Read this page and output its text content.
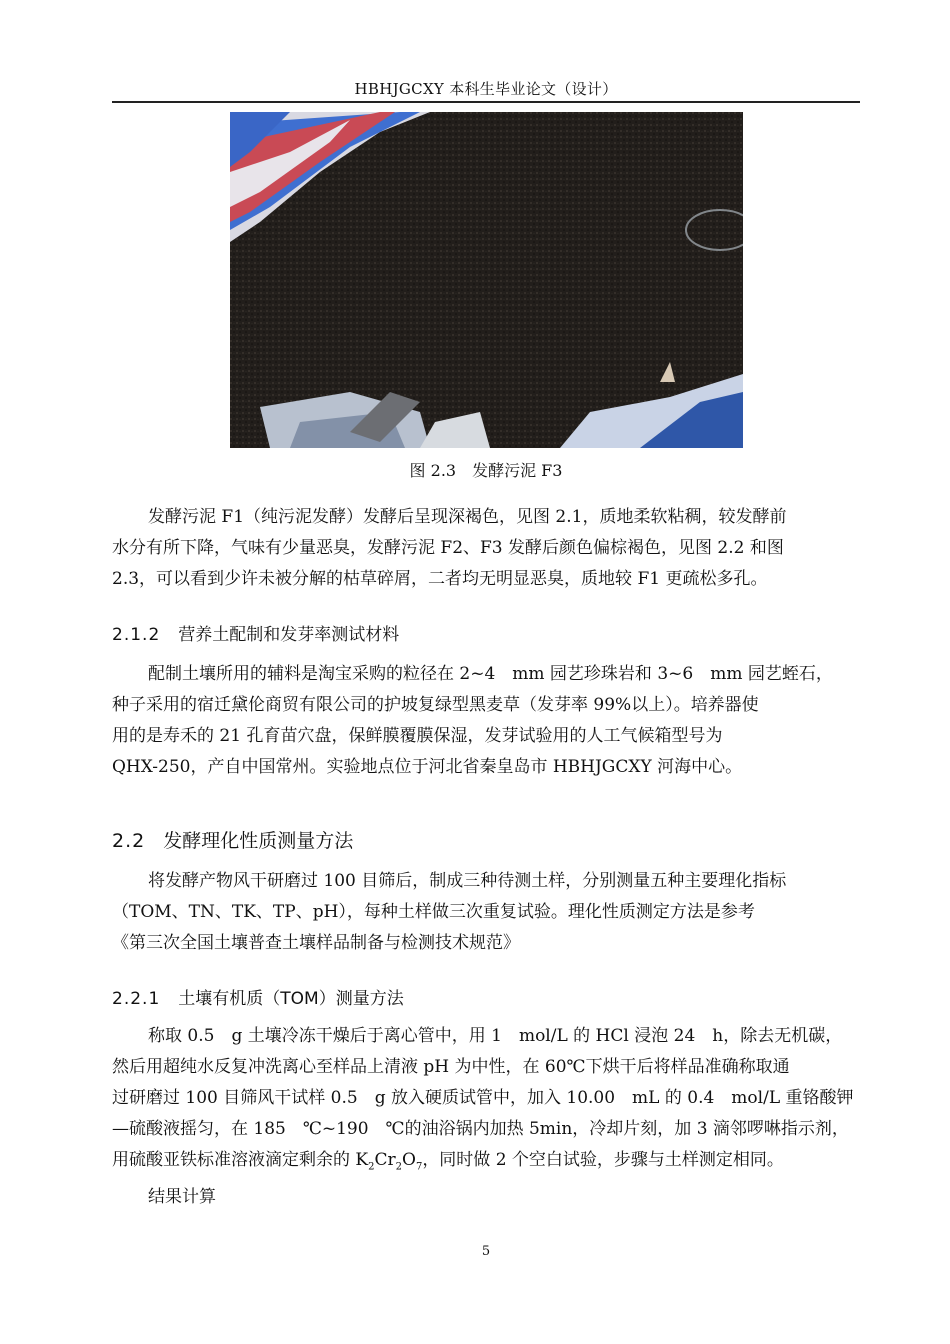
HBHJGCXY 本科生毕业论文（设计）
图 2.3　发酵污泥 F3

发酵污泥 F1（纯污泥发酵）发酵后呈现深褐色，见图 2.1，质地柔软粘稠，较发酵前
水分有所下降，气味有少量恶臭，发酵污泥 F2、F3 发酵后颜色偏棕褐色，见图 2.2 和图
2.3，可以看到少许未被分解的枯草碎屑，二者均无明显恶臭，质地较 F1 更疏松多孔。

2.1.2 营养土配制和发芽率测试材料

配制土壤所用的辅料是淘宝采购的粒径在 2~4　mm 园艺珍珠岩和 3~6　mm 园艺蛭石，
种子采用的宿迁黛伦商贸有限公司的护坡复绿型黑麦草（发芽率 99%以上）。培养器使
用的是寿禾的 21 孔育苗穴盘，保鲜膜覆膜保湿，发芽试验用的人工气候箱型号为
QHX-250，产自中国常州。实验地点位于河北省秦皇岛市 HBHJGCXY 河海中心。

2.2 发酵理化性质测量方法

将发酵产物风干研磨过 100 目筛后，制成三种待测土样，分别测量五种主要理化指标
（TOM、TN、TK、TP、pH），每种土样做三次重复试验。理化性质测定方法是参考
《第三次全国土壤普查土壤样品制备与检测技术规范》

2.2.1 土壤有机质（TOM）测量方法

称取 0.5　g 土壤冷冻干燥后于离心管中，用 1　mol/L 的 HCl 浸泡 24　h，除去无机碳，
然后用超纯水反复冲洗离心至样品上清液 pH 为中性，在 60℃下烘干后将样品准确称取通
过研磨过 100 目筛风干试样 0.5　g 放入硬质试管中，加入 10.00　mL 的 0.4　mol/L 重铬酸钾
—硫酸液摇匀，在 185　℃~190　℃的油浴锅内加热 5min，冷却片刻，加 3 滴邻啰啉指示剂，
用硫酸亚铁标准溶液滴定剩余的 $K_2Cr_2O_7$，同时做 2 个空白试验，步骤与土样测定相同。
结果计算

5
